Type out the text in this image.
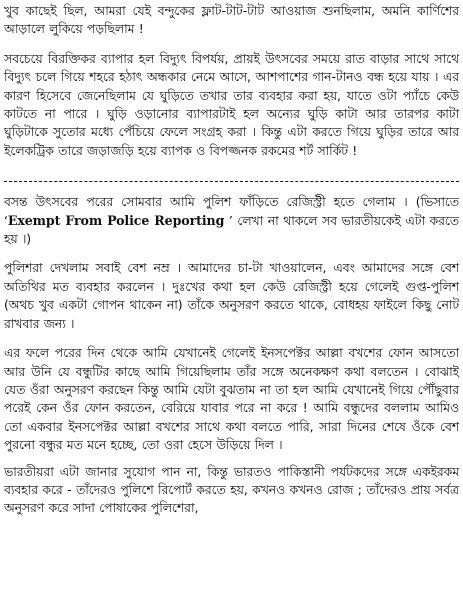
খুব কাছেই ছিল, আমরা যেই বন্দুকের ফ্লাট-টাট-টাট আওয়াজ শুনছিলাম, অমনি কার্ণিশের আড়ালে লুকিয়ে পড়ছিলাম !

সবচেয়ে বিরক্তিকর ব্যাপার হল বিদ্যুৎ বিপর্যয়, প্রায়ই উৎসবের সময়ে রাত বাড়ার সাথে সাথে বিদ্যুৎ চলে গিয়ে শহরে হঠাৎ অন্ধকার নেমে আসে, আশপাশের গান-টানও বন্ধ হয়ে যায় । এর কারণ হিসেবে জেনেছিলাম যে ঘুড়িতে তখার তার ব্যবহার করা হয়, যাতে ওটা প্যাঁচে কেউ কাটতে না পারে । ঘুড়ি ওড়ানোর ব্যাপারটাই হল অন্যের ঘুড়ি কাটা আর তারপর কাটা ঘুড়িটাকে সুতোর মধ্যে পেঁচিয়ে ফেলে সংগ্রহ করা । কিন্তু এটা করতে গিয়ে ঘুড়ির তারে আর ইলেকট্রিক তারে জড়াজড়ি হয়ে ব্যাপক ও বিপজ্জনক রকমের শর্ট সার্কিট !

বসন্ত উৎসবের পরের সোমবার আমি পুলিশ ফাঁড়িতে রেজিস্ট্রী হতে গেলাম । (ভিসাতে ‘Exempt From Police Reporting ’ লেখা না থাকলে সব ভারতীয়কেই এটা করতে হয় ।)

পুলিশরা দেখলাম সবাই বেশ নম্র । আমাদের চা-টা খাওয়ালেন, এবং আমাদের সঙ্গে বেশ অতিথির মত ব্যবহার করলেন । দুঃখের কথা হল কেউ রেজিস্ট্রী হয়ে গেলেই গুপ্ত-পুলিশ (অথচ খুব একটা গোপন থাকেন না) তাঁকে অনুসরণ করতে থাকে, বোধহয় ফাইলে কিছু নোট রাখবার জন্য ।

এর ফলে পরের দিন থেকে আমি যেখানেই গেলেই ইনসপেক্টর আল্লা বখশের ফোন আসতো আর উনি যে বন্ধুটির কাছে আমি গিয়েছিলাম তাঁর সঙ্গে অনেকক্ষণ কথা বলতেন । বোঝাই যেত ওঁরা অনুসরণ করছেন কিন্তু আমি যেটা বুঝতাম না তা হল আমি যেখানেই গিয়ে পৌঁছুবার পরেই কেন ওঁর ফোন করতেন, বেরিয়ে যাবার পরে না করে ! আমি বন্ধুদের বললাম আমিও তো একবার ইনসপেক্টর আল্লা বখশের সাথে কথা বলতে পারি, সারা দিনের শেষে ওঁকে বেশ পুরনো বন্ধুর মত মনে হচ্ছে, তো ওরা হেসে উড়িয়ে দিল ।

ভারতীয়রা এটা জানার সুযোগ পান না, কিন্তু ভারতও পাকিস্তানী পর্যটকদের সঙ্গে একইরকম ব্যবহার করে - তাঁদেরও পুলিশে রিপোর্ট করতে হয়, কখনও কখনও রোজ ; তাঁদেরও প্রায় সর্বত্র অনুসরণ করে সাদা পোষাকের পুলিশেরা,
